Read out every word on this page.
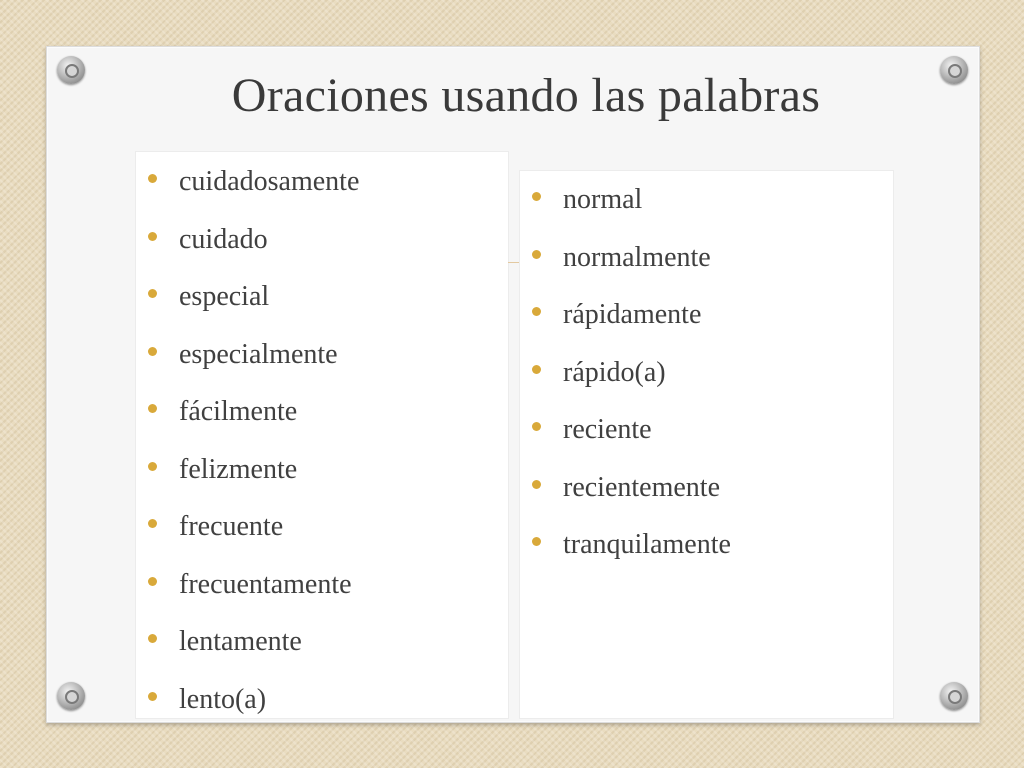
Oraciones usando las palabras
cuidadosamente
cuidado
especial
especialmente
fácilmente
felizmente
frecuente
frecuentamente
lentamente
lento(a)
normal
normalmente
rápidamente
rápido(a)
reciente
recientemente
tranquilamente
